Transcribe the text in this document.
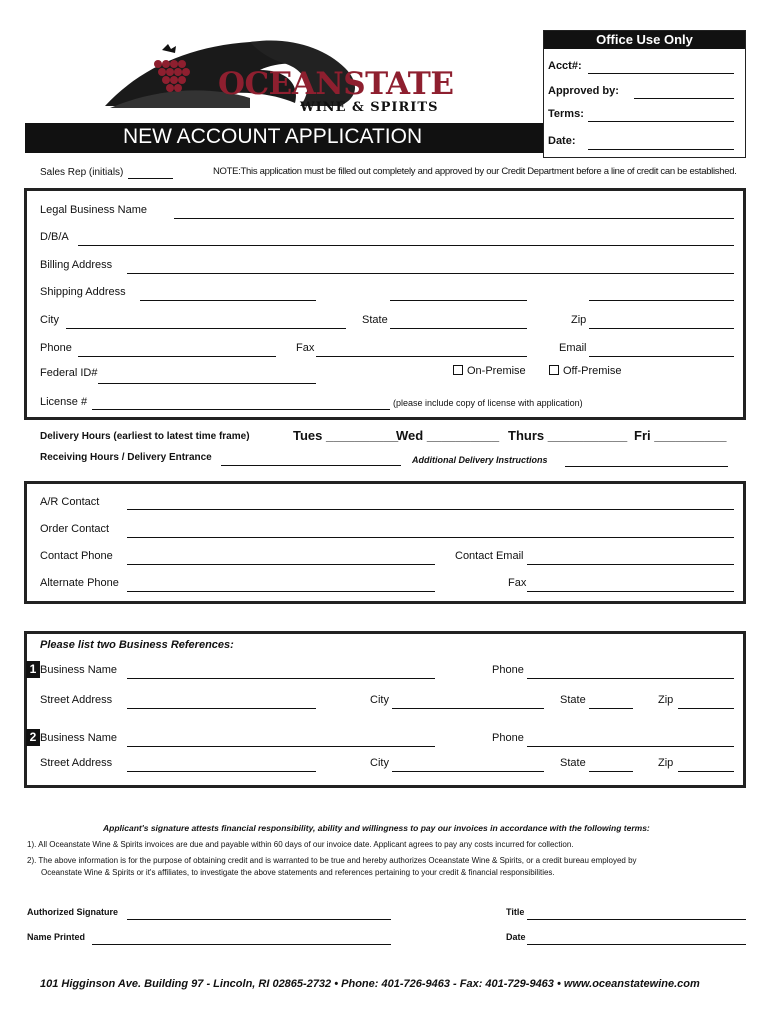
OCEANSTATE
WINE & SPIRITS
Office Use Only
Acct#:
Approved by:
Terms:
Date:
NEW ACCOUNT APPLICATION
Sales Rep (initials)	NOTE:This application must be filled out completely and approved by our Credit Department before a line of credit can be established.
Legal Business Name
D/B/A
Billing Address
Shipping Address
City	State	Zip
Phone	Fax	Email
Federal ID#	On-Premise	Off-Premise
License #	(please include copy of license with application)
Delivery Hours (earliest to latest time frame)	Tues __________
Wed __________ Thurs ___________ Fri __________
Receiving Hours / Delivery Entrance	Additional Delivery Instructions
A/R Contact
Order Contact
Contact Phone	Contact Email
Alternate Phone	Fax
Please list two Business References:
1 Business Name	Phone
Street Address	City	State	Zip
2 Business Name	Phone
Street Address	City	State	Zip
Applicant's signature attests financial responsibility, ability and willingness to pay our invoices in accordance with the following terms:
1). All Oceanstate Wine & Spirits invoices are due and payable within 60 days of our invoice date. Applicant agrees to pay any costs incurred for collection.
2). The above information is for the purpose of obtaining credit and is warranted to be true and hereby authorizes Oceanstate Wine & Spirits, or a credit bureau employed by
Oceanstate Wine & Spirits or it's affiliates, to investigate the above statements and references pertaining to your credit & financial responsibilities.
Authorized Signature	Title
Name Printed	Date
101 Higginson Ave. Building 97 - Lincoln, RI 02865-2732 • Phone: 401-726-9463 - Fax: 401-729-9463 • www.oceanstatewine.com
